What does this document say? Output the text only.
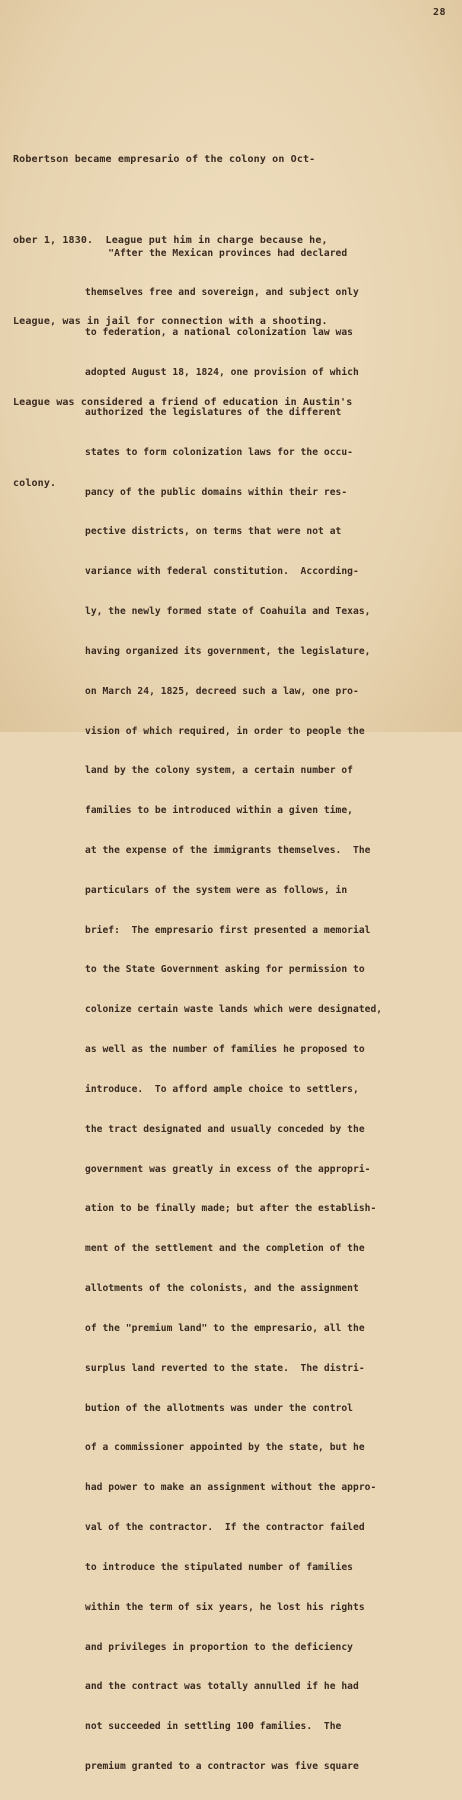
28

Robertson became empresario of the colony on Oct-

ober 1, 1830.  League put him in charge because he,

League, was in jail for connection with a shooting.

League was considered a friend of education in Austin's

colony.

"After the Mexican provinces had declared

themselves free and sovereign, and subject only

to federation, a national colonization law was

adopted August 18, 1824, one provision of which

authorized the legislatures of the different

states to form colonization laws for the occu-

pancy of the public domains within their res-

pective districts, on terms that were not at

variance with federal constitution.  According-

ly, the newly formed state of Coahuila and Texas,

having organized its government, the legislature,

on March 24, 1825, decreed such a law, one pro-

vision of which required, in order to people the

land by the colony system, a certain number of

families to be introduced within a given time,

at the expense of the immigrants themselves.  The

particulars of the system were as follows, in

brief:  The empresario first presented a memorial

to the State Government asking for permission to

colonize certain waste lands which were designated,

as well as the number of families he proposed to

introduce.  To afford ample choice to settlers,

the tract designated and usually conceded by the

government was greatly in excess of the appropri-

ation to be finally made; but after the establish-

ment of the settlement and the completion of the

allotments of the colonists, and the assignment

of the "premium land" to the empresario, all the

surplus land reverted to the state.  The distri-

bution of the allotments was under the control

of a commissioner appointed by the state, but he

had power to make an assignment without the appro-

val of the contractor.  If the contractor failed

to introduce the stipulated number of families

within the term of six years, he lost his rights

and privileges in proportion to the deficiency

and the contract was totally annulled if he had

not succeeded in settling 100 families.  The

premium granted to a contractor was five square
